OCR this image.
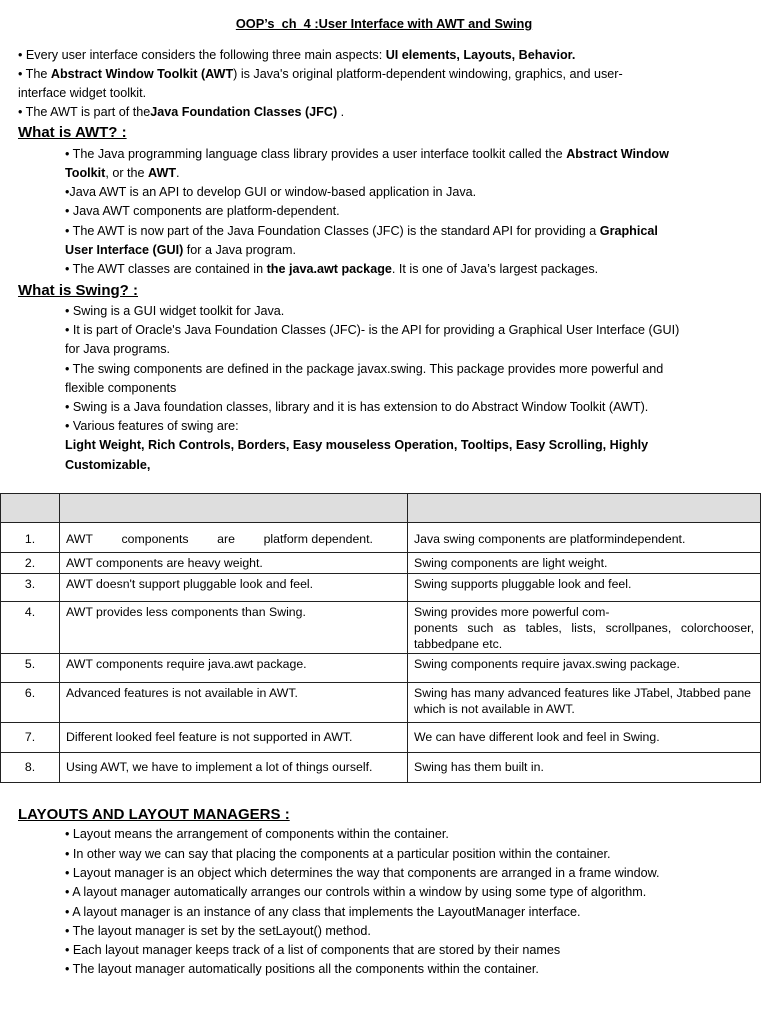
OOP’s_ch_4 :User Interface with AWT and Swing
• Every user interface considers the following three main aspects: UI elements, Layouts, Behavior.
• The Abstract Window Toolkit (AWT) is Java's original platform-dependent windowing, graphics, and user-
interface widget toolkit.
• The AWT is part of theJava Foundation Classes (JFC) .
What is AWT? :
• The Java programming language class library provides a user interface toolkit called the Abstract Window
Toolkit, or the AWT.
•Java AWT is an API to develop GUI or window-based application in Java.
• Java AWT components are platform-dependent.
• The AWT is now part of the Java Foundation Classes (JFC) is the standard API for providing a Graphical
User Interface (GUI) for a Java program.
• The AWT classes are contained in the java.awt package. It is one of Java’s largest packages.
What is Swing? :
• Swing is a GUI widget toolkit for Java.
• It is part of Oracle's Java Foundation Classes (JFC)- is the API for providing a Graphical User Interface (GUI)
for Java programs.
• The swing components are defined in the package javax.swing. This package provides more powerful and
flexible components
• Swing is a Java foundation classes, library and it is has extension to do Abstract Window Toolkit (AWT).
• Various features of swing are:
Light Weight, Rich Controls, Borders, Easy mouseless Operation, Tooltips, Easy Scrolling, Highly
Customizable,

1.	AWT components are platform dependent.	Java swing components are platformindependent.
2.	AWT components are heavy weight.	Swing components are light weight.
3.	AWT doesn't support pluggable look and feel.	Swing supports pluggable look and feel.
4.	AWT provides less components than Swing.	Swing provides more powerful com-
ponents such as tables, lists, scrollpanes, colorchooser, tabbedpane etc.

5.	AWT components require java.awt package.	Swing components require javax.swing package.
6.	Advanced features is not available in AWT.	Swing has many advanced features like JTabel, Jtabbed pane which is not available in AWT.
7.	Different looked feel feature is not supported in AWT.	We can have different look and feel in Swing.
8.	Using AWT, we have to implement a lot of things ourself.	Swing has them built in.
LAYOUTS AND LAYOUT MANAGERS :
• Layout means the arrangement of components within the container.
• In other way we can say that placing the components at a particular position within the container.
• Layout manager is an object which determines the way that components are arranged in a frame window.
• A layout manager automatically arranges our controls within a window by using some type of algorithm.
• A layout manager is an instance of any class that implements the LayoutManager interface.
• The layout manager is set by the setLayout() method.
• Each layout manager keeps track of a list of components that are stored by their names
• The layout manager automatically positions all the components within the container.
